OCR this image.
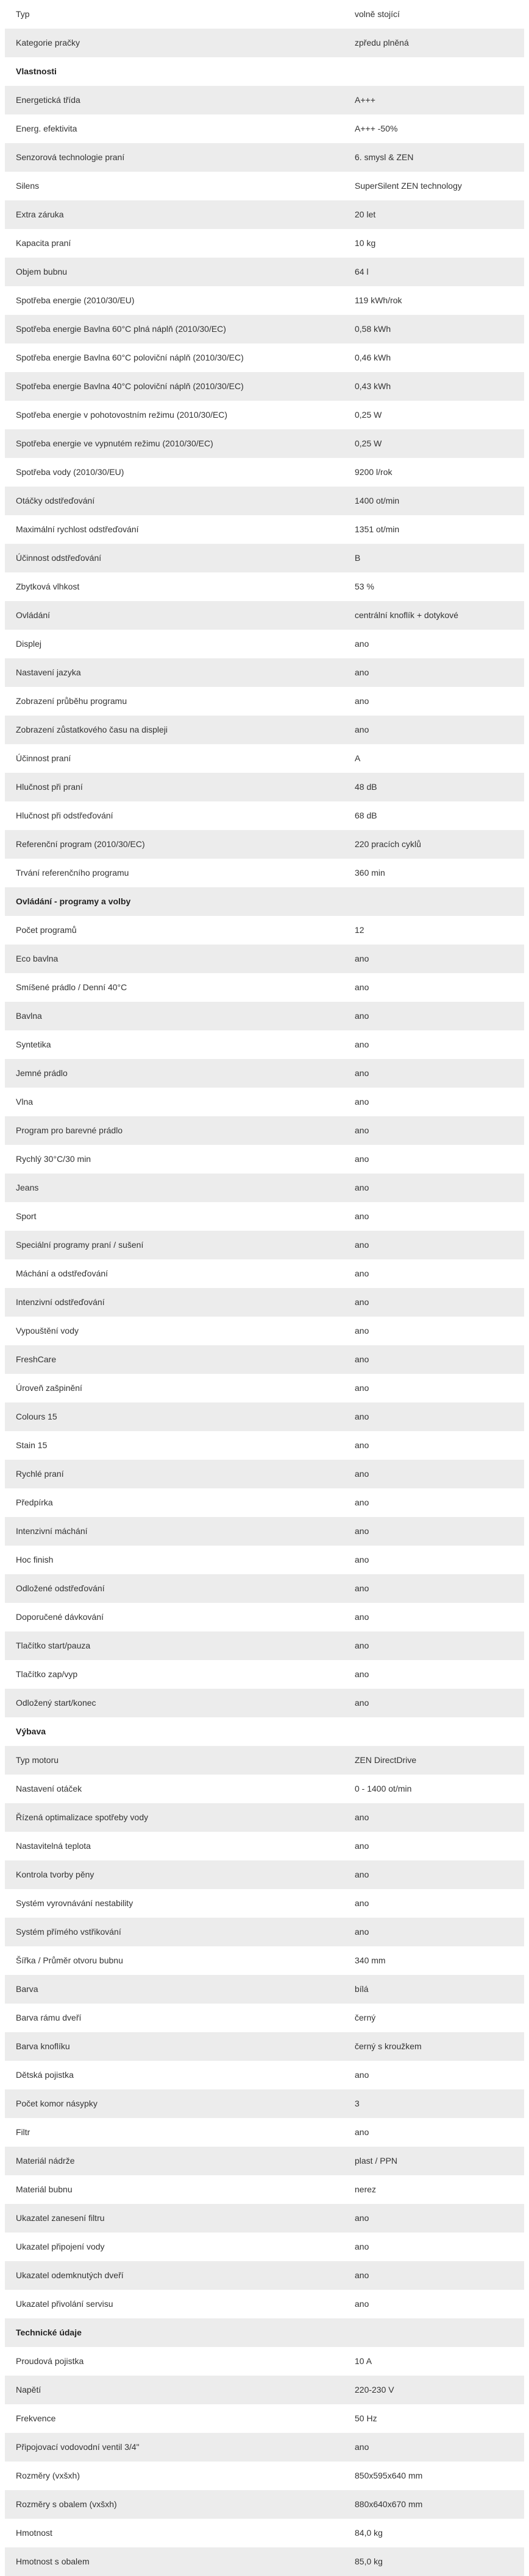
Typ	volně stojící
Kategorie pračky	zpředu plněná
Vlastnosti
Energetická třída	A+++
Energ. efektivita	A+++ -50%
Senzorová technologie praní	6. smysl & ZEN
Silens	SuperSilent ZEN technology
Extra záruka	20 let
Kapacita praní	10 kg
Objem bubnu	64 l
Spotřeba energie (2010/30/EU)	119 kWh/rok
Spotřeba energie Bavlna 60°C plná náplň (2010/30/EC)	0,58 kWh
Spotřeba energie Bavlna 60°C poloviční náplň (2010/30/EC)	0,46 kWh
Spotřeba energie Bavlna 40°C poloviční náplň (2010/30/EC)	0,43 kWh
Spotřeba energie v pohotovostním režimu (2010/30/EC)	0,25 W
Spotřeba energie ve vypnutém režimu (2010/30/EC)	0,25 W
Spotřeba vody (2010/30/EU)	9200 l/rok
Otáčky odstřeďování	1400 ot/min
Maximální rychlost odstřeďování	1351 ot/min
Účinnost odstřeďování	B
Zbytková vlhkost	53 %
Ovládání	centrální knoflík + dotykové
Displej	ano
Nastavení jazyka	ano
Zobrazení průběhu programu	ano
Zobrazení zůstatkového času na displeji	ano
Účinnost praní	A
Hlučnost při praní	48 dB
Hlučnost při odstřeďování	68 dB
Referenční program (2010/30/EC)	220 pracích cyklů
Trvání referenčního programu	360 min
Ovládání - programy a volby
Počet programů	12
Eco bavlna	ano
Smíšené prádlo / Denní 40°C	ano
Bavlna	ano
Syntetika	ano
Jemné prádlo	ano
Vlna	ano
Program pro barevné prádlo	ano
Rychlý 30°C/30 min	ano
Jeans	ano
Sport	ano
Speciální programy praní / sušení	ano
Máchání a odstřeďování	ano
Intenzivní odstřeďování	ano
Vypouštění vody	ano
FreshCare	ano
Úroveň zašpinění	ano
Colours 15	ano
Stain 15	ano
Rychlé praní	ano
Předpírka	ano
Intenzivní máchání	ano
Hoc finish	ano
Odložené odstřeďování	ano
Doporučené dávkování	ano
Tlačítko start/pauza	ano
Tlačítko zap/vyp	ano
Odložený start/konec	ano
Výbava
Typ motoru	ZEN DirectDrive
Nastavení otáček	0 - 1400 ot/min
Řízená optimalizace spotřeby vody	ano
Nastavitelná teplota	ano
Kontrola tvorby pěny	ano
Systém vyrovnávání nestability	ano
Systém přímého vstřikování	ano
Šířka / Průměr otvoru bubnu	340 mm
Barva	bílá
Barva rámu dveří	černý
Barva knoflíku	černý s kroužkem
Dětská pojistka	ano
Počet komor násypky	3
Filtr	ano
Materiál nádrže	plast / PPN
Materiál bubnu	nerez
Ukazatel zanesení filtru	ano
Ukazatel připojení vody	ano
Ukazatel odemknutých dveří	ano
Ukazatel přivolání servisu	ano
Technické údaje
Proudová pojistka	10 A
Napětí	220-230 V
Frekvence	50 Hz
Připojovací vodovodní ventil 3/4"	ano
Rozměry (vxšxh)	850x595x640 mm
Rozměry s obalem (vxšxh)	880x640x670 mm
Hmotnost	84,0 kg
Hmotnost s obalem	85,0 kg
